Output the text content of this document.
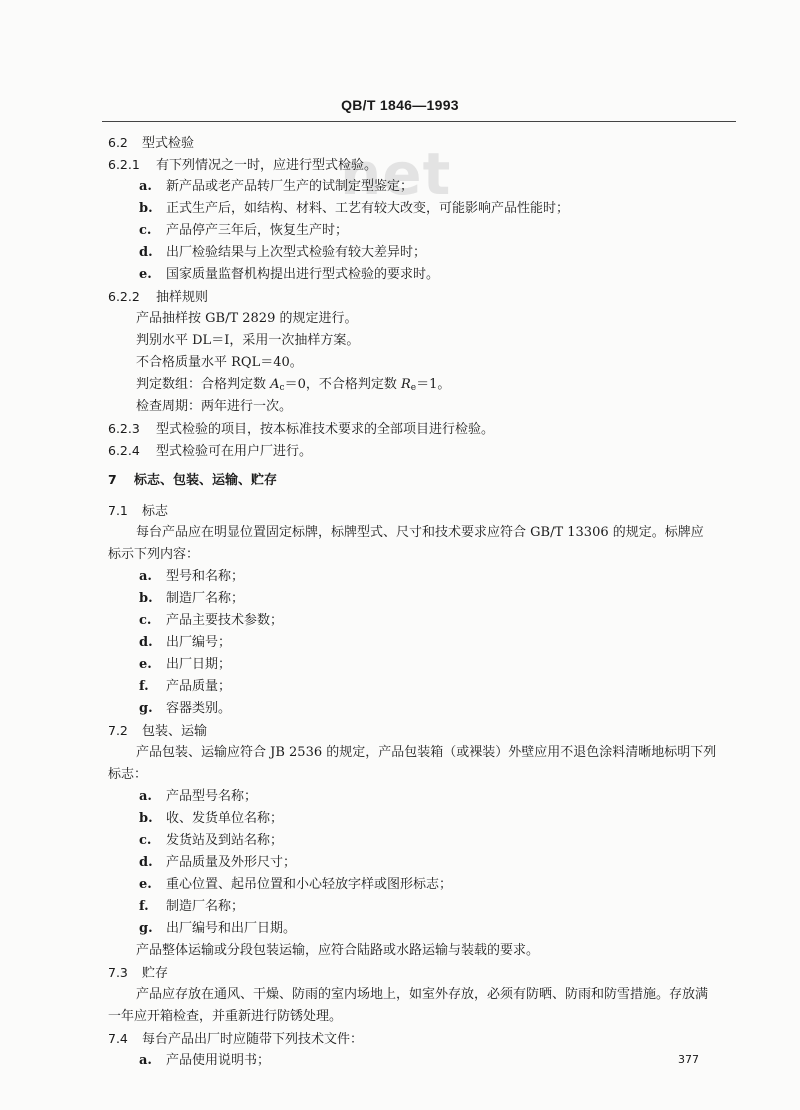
QB/T 1846—1993
net
6.2 型式检验
6.2.1 有下列情况之一时，应进行型式检验。
a. 新产品或老产品转厂生产的试制定型鉴定；
b. 正式生产后，如结构、材料、工艺有较大改变，可能影响产品性能时；
c. 产品停产三年后，恢复生产时；
d. 出厂检验结果与上次型式检验有较大差异时；
e. 国家质量监督机构提出进行型式检验的要求时。
6.2.2 抽样规则
产品抽样按 GB/T 2829 的规定进行。
判别水平 DL＝Ⅰ，采用一次抽样方案。
不合格质量水平 RQL＝40。
判定数组：合格判定数 $A_c=0$，不合格判定数 $R_e=1$。
检查周期：两年进行一次。
6.2.3 型式检验的项目，按本标准技术要求的全部项目进行检验。
6.2.4 型式检验可在用户厂进行。
7 标志、包装、运输、贮存
7.1 标志
每台产品应在明显位置固定标牌，标牌型式、尺寸和技术要求应符合 GB/T 13306 的规定。标牌应
标示下列内容：
a. 型号和名称；
b. 制造厂名称；
c. 产品主要技术参数；
d. 出厂编号；
e. 出厂日期；
f. 产品质量；
g. 容器类别。
7.2 包装、运输
产品包装、运输应符合 JB 2536 的规定，产品包装箱（或裸装）外壁应用不退色涂料清晰地标明下列
标志：
a. 产品型号名称；
b. 收、发货单位名称；
c. 发货站及到站名称；
d. 产品质量及外形尺寸；
e. 重心位置、起吊位置和小心轻放字样或图形标志；
f. 制造厂名称；
g. 出厂编号和出厂日期。
产品整体运输或分段包装运输，应符合陆路或水路运输与装载的要求。
7.3 贮存
产品应存放在通风、干燥、防雨的室内场地上，如室外存放，必须有防晒、防雨和防雪措施。存放满
一年应开箱检查，并重新进行防锈处理。
7.4 每台产品出厂时应随带下列技术文件：
a. 产品使用说明书；	377
